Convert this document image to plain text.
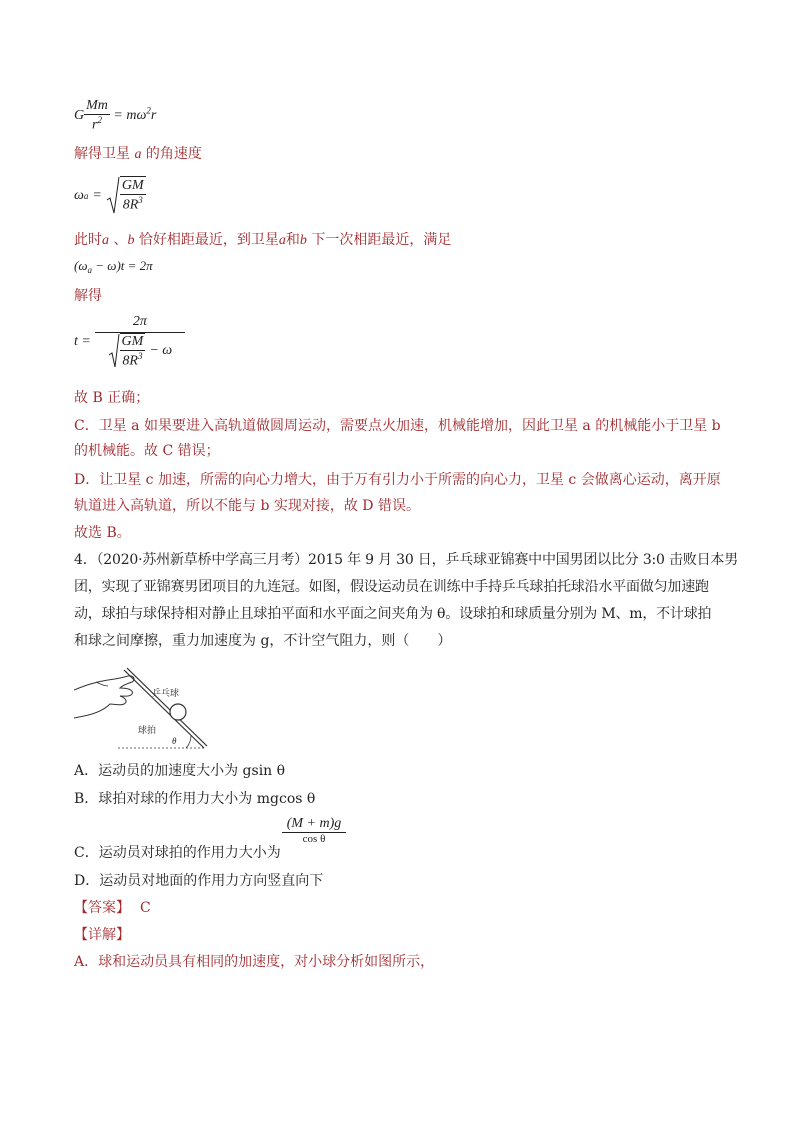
G $\frac{Mm}{r^2} = m\omega^2r$
解得卫星 a 的角速度
ω $a = \frac{GM}{8R^3}$
此时a 、b 恰好相距最近，到卫星a和b 下一次相距最近，满足
$(\omega_a - \omega)t = 2\pi$
解得
$t = \frac{2\pi}{\frac{GM}{8R^3} - \omega}$
故 B 正确；
C．卫星 a 如果要进入高轨道做圆周运动，需要点火加速，机械能增加，因此卫星 a 的机械能小于卫星 b
的机械能。故 C 错误；
D．让卫星 c 加速，所需的向心力增大，由于万有引力小于所需的向心力，卫星 c 会做离心运动，离开原
轨道进入高轨道，所以不能与 b 实现对接，故 D 错误。
故选 B。
4．（2020·苏州新草桥中学高三月考）2015 年 9 月 30 日，乒乓球亚锦赛中中国男团以比分 3:0 击败日本男
团，实现了亚锦赛男团项目的九连冠。如图，假设运动员在训练中手持乒乓球拍托球沿水平面做匀加速跑
动，球拍与球保持相对静止且球拍平面和水平面之间夹角为 θ。设球拍和球质量分别为 M、m，不计球拍
和球之间摩擦，重力加速度为 g，不计空气阻力，则（　　）
乒乓球
球拍
θ
A．运动员的加速度大小为 gsin θ
B．球拍对球的作用力大小为 mgcos θ
$\frac{(M + m)g}{\text{cos θ}}$
C．运动员对球拍的作用力大小为
D．运动员对地面的作用力方向竖直向下
【答案】 C
【详解】
A．球和运动员具有相同的加速度，对小球分析如图所示，
